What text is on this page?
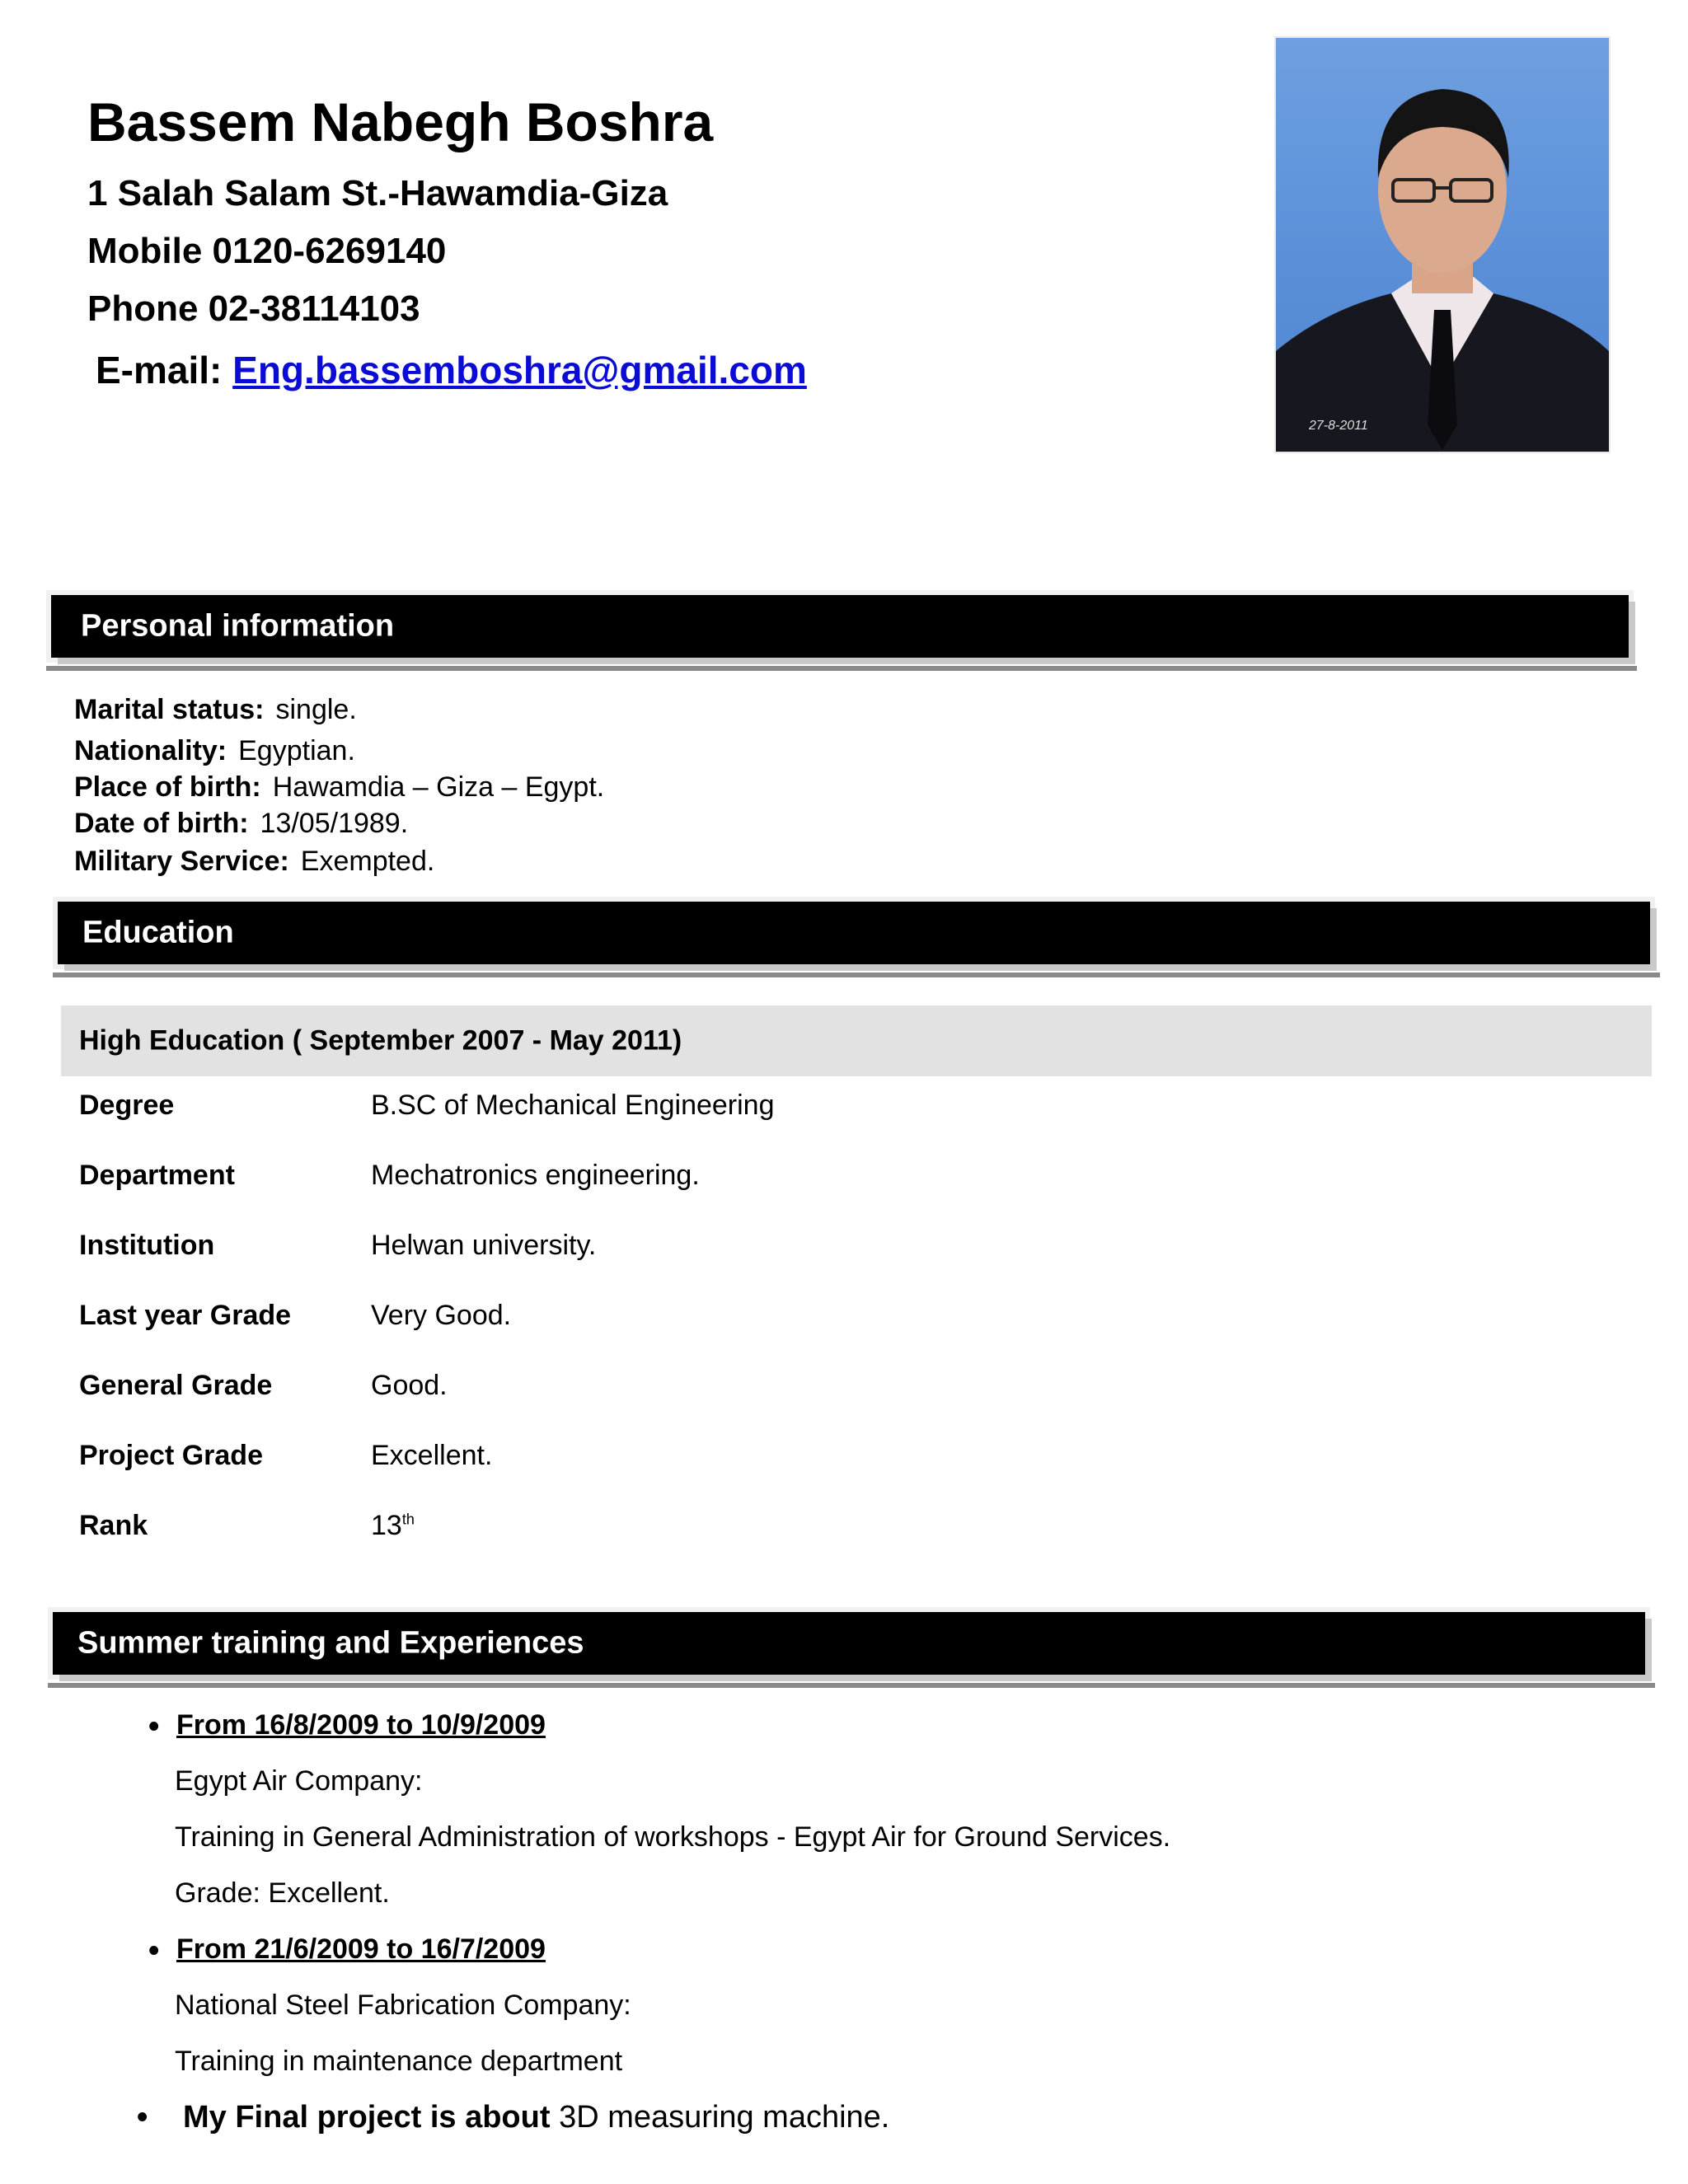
Bassem Nabegh Boshra
1 Salah Salam St.-Hawamdia-Giza
Mobile 0120-6269140
Phone 02-38114103
E-mail: Eng.bassemboshra@gmail.com
27-8-2011
Personal information
Marital status: single.
Nationality: Egyptian.
Place of birth: Hawamdia – Giza – Egypt.
Date of birth: 13/05/1989.
Military Service: Exempted.
Education
High Education ( September 2007 - May 2011)
Degree	B.SC of Mechanical Engineering
Department	Mechatronics engineering.
Institution	Helwan university.
Last year Grade	Very Good.
General Grade	Good.
Project Grade	Excellent.
Rank	13th
Summer training and Experiences
• From 16/8/2009 to 10/9/2009
Egypt Air Company:
Training in General Administration of workshops - Egypt Air for Ground Services.
Grade: Excellent.
• From 21/6/2009 to 16/7/2009
National Steel Fabrication Company:
Training in maintenance department
• My Final project is about 3D measuring machine.
